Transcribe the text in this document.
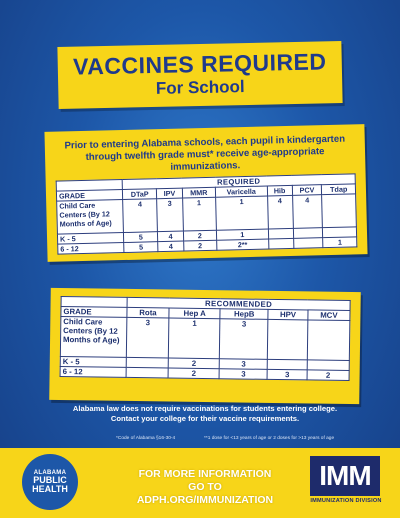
VACCINES REQUIRED
For School
Prior to entering Alabama schools, each pupil in kindergarten through twelfth grade must* receive age-appropriate immunizations.
	REQUIRED						
GRADE	DTaP	IPV	MMR	Varicella	Hib	PCV	Tdap
Child Care Centers (By 12 Months of Age)	4	3	1	1	4	4	
K - 5	5	4	2	1			
6 - 12	5	4	2	2**			1
	RECOMMENDED				
GRADE	Rota	Hep A	HepB	HPV	MCV
Child Care Centers (By 12 Months of Age)	3	1	3		
K - 5		2	3		
6 - 12		2	3	3	2
Alabama law does not require vaccinations for students entering college. Contact your college for their vaccine requirements.
*Code of Alabama §16-30-4	**1 dose for <13 years of age or 2 doses for >13 years of age
ALABAMA
PUBLIC
HEALTH
FOR MORE INFORMATION
GO TO ADPH.ORG/IMMUNIZATION
IMM
IMMUNIZATION DIVISION
